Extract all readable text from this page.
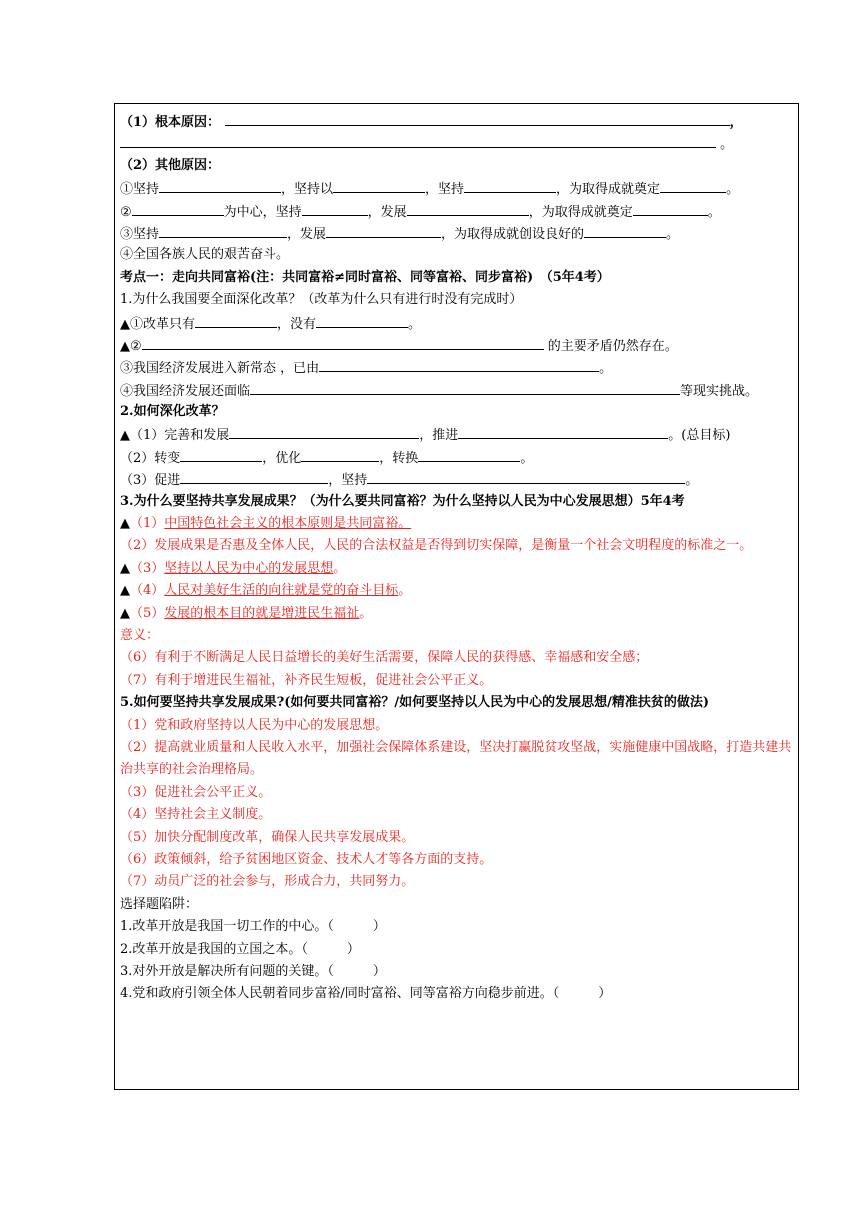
（1）根本原因：	，
。
（2）其他原因：
①坚持	，坚持以	，坚持	，为取得成就奠定	。
②	为中心，坚持	，发展	，为取得成就奠定	。
③坚持	，发展	，为取得成就创设良好的	。
④全国各族人民的艰苦奋斗。
考点一：走向共同富裕(注：共同富裕≠同时富裕、同等富裕、同步富裕)　（5年4考）
1.为什么我国要全面深化改革？（改革为什么只有进行时没有完成时）
▲①改革只有	，没有	。
▲②	的主要矛盾仍然存在。
③我国经济发展进入新常态 ，已由	。
④我国经济发展还面临	等现实挑战。
2.如何深化改革？
▲（1）完善和发展	，推进	。(总目标)
（2）转变	，优化	，转换	。
（3）促进	，坚持	。
3.为什么要坚持共享发展成果？（为什么要共同富裕？为什么坚持以人民为中心发展思想）5年4考
▲（1）中国特色社会主义的根本原则是共同富裕。
（2）发展成果是否惠及全体人民，人民的合法权益是否得到切实保障，是衡量一个社会文明程度的标准之一。
▲（3）坚持以人民为中心的发展思想。
▲（4）人民对美好生活的向往就是党的奋斗目标。
▲（5）发展的根本目的就是增进民生福祉。
意义：
（6）有利于不断满足人民日益增长的美好生活需要，保障人民的获得感、幸福感和安全感；
（7）有利于增进民生福祉，补齐民生短板，促进社会公平正义。
5.如何要坚持共享发展成果?(如何要共同富裕？/如何要坚持以人民为中心的发展思想/精准扶贫的做法)
（1）党和政府坚持以人民为中心的发展思想。
（2）提高就业质量和人民收入水平，加强社会保障体系建设，坚决打赢脱贫攻坚战，实施健康中国战略，打造共建共治共享的社会治理格局。
（3）促进社会公平正义。
（4）坚持社会主义制度。
（5）加快分配制度改革，确保人民共享发展成果。
（6）政策倾斜，给予贫困地区资金、技术人才等各方面的支持。
（7）动员广泛的社会参与，形成合力，共同努力。
选择题陷阱：
1.改革开放是我国一切工作的中心。（　　　）
2.改革开放是我国的立国之本。（　　　）
3.对外开放是解决所有问题的关键。（　　　）
4.党和政府引领全体人民朝着同步富裕/同时富裕、同等富裕方向稳步前进。（　　　）
